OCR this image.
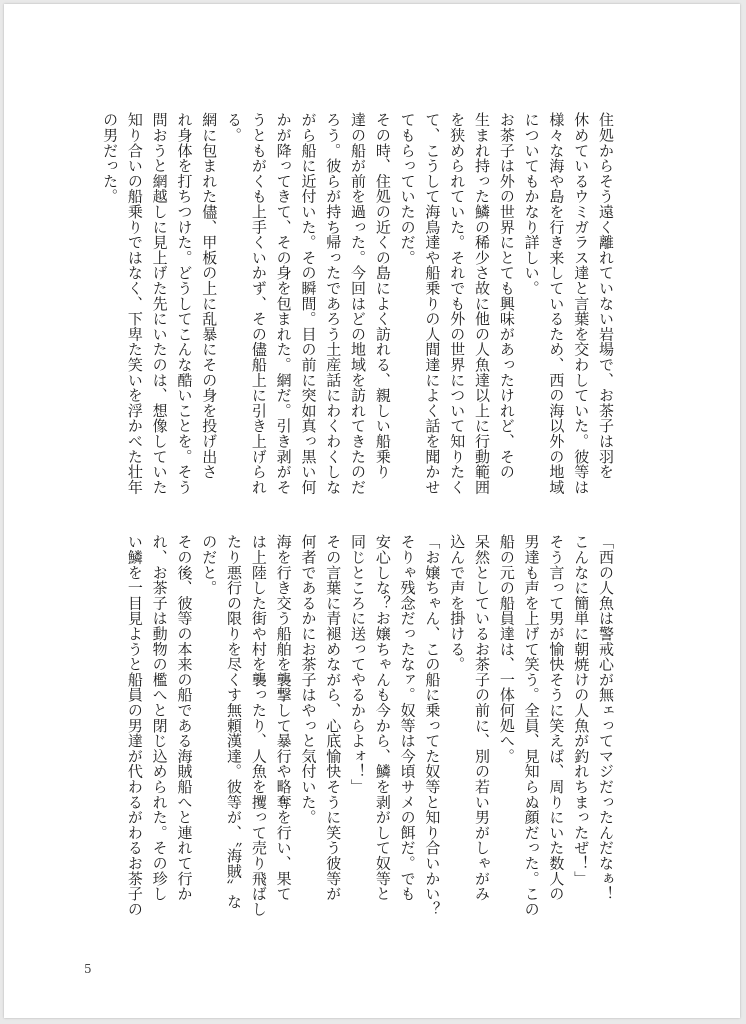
住処からそう遠く離れていない岩場で、お茶子は羽を
休めているウミガラス達と言葉を交わしていた。彼等は
様々な海や島を行き来しているため、西の海以外の地域
についてもかなり詳しい。
お茶子は外の世界にとても興味があったけれど、その
生まれ持った鱗の稀少さ故に他の人魚達以上に行動範囲
を狭められていた。それでも外の世界について知りたく
て、こうして海鳥達や船乗りの人間達によく話を聞かせ
てもらっていたのだ。
その時、住処の近くの島によく訪れる、親しい船乗り
達の船が前を過った。今回はどの地域を訪れてきたのだ
ろう。彼らが持ち帰ったであろう土産話にわくわくしな
がら船に近付いた。その瞬間。目の前に突如真っ黒い何
かが降ってきて、その身を包まれた。網だ。引き剥がそ
うともがくも上手くいかず、その儘船上に引き上げられ
る。
網に包まれた儘、甲板の上に乱暴にその身を投げ出さ
れ身体を打ちつけた。どうしてこんな酷いことを。そう
問おうと網越しに見上げた先にいたのは、想像していた
知り合いの船乗りではなく、下卑た笑いを浮かべた壮年
の男だった。
「西の人魚は警戒心が無ェってマジだったんだなぁ！
こんなに簡単に朝焼けの人魚が釣れちまったぜ！」
そう言って男が愉快そうに笑えば、周りにいた数人の
男達も声を上げて笑う。全員、見知らぬ顔だった。この
船の元の船員達は、一体何処へ。
呆然としているお茶子の前に、別の若い男がしゃがみ
込んで声を掛ける。
「お嬢ちゃん、この船に乗ってた奴等と知り合いかい？
そりゃ残念だったなァ。奴等は今頃サメの餌だ。でも
安心しな？お嬢ちゃんも今から、鱗を剥がして奴等と
同じところに送ってやるからよォ！」
その言葉に青褪めながら、心底愉快そうに笑う彼等が
何者であるかにお茶子はやっと気付いた。
海を行き交う船舶を襲撃して暴行や略奪を行い、果て
は上陸した街や村を襲ったり、人魚を攫って売り飛ばし
たり悪行の限りを尽くす無頼漢達。彼等が、〝海賊〟な
のだと。
その後、彼等の本来の船である海賊船へと連れて行か
れ、お茶子は動物の檻へと閉じ込められた。その珍し
い鱗を一目見ようと船員の男達が代わるがわるお茶子の
5
